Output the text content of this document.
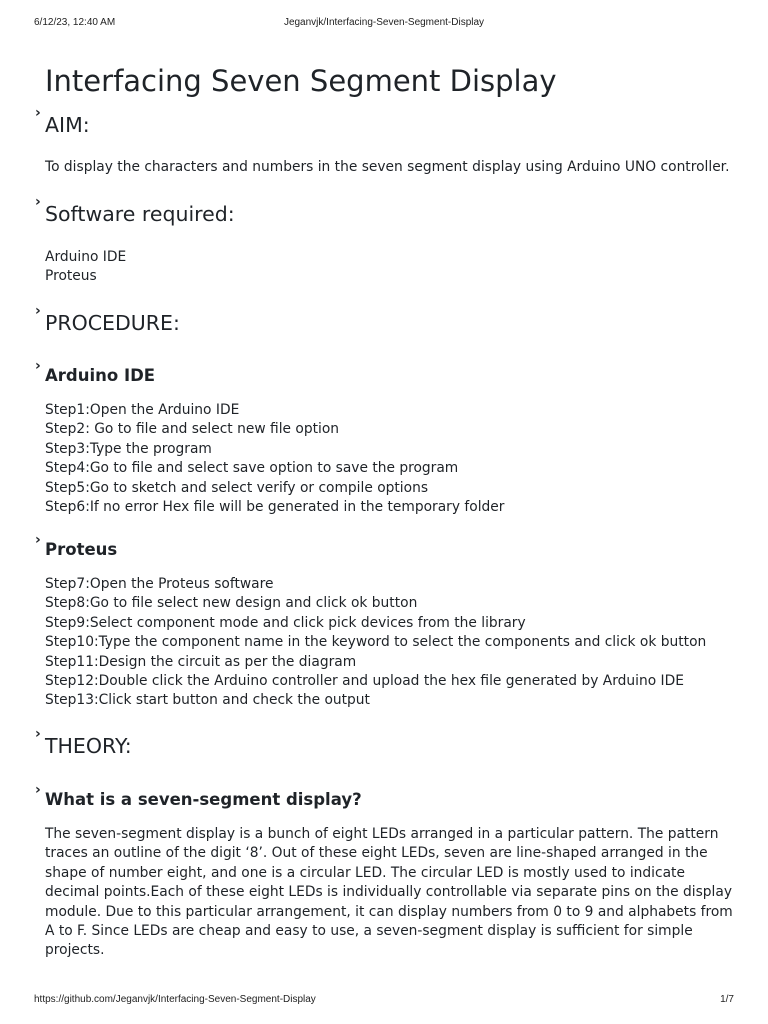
6/12/23, 12:40 AM	Jeganvjk/Interfacing-Seven-Segment-Display
Interfacing Seven Segment Display
› AIM:
To display the characters and numbers in the seven segment display using Arduino UNO controller.
› Software required:
Arduino IDE
Proteus
› PROCEDURE:
› Arduino IDE
Step1:Open the Arduino IDE
Step2: Go to file and select new file option
Step3:Type the program
Step4:Go to file and select save option to save the program
Step5:Go to sketch and select verify or compile options
Step6:If no error Hex file will be generated in the temporary folder
› Proteus
Step7:Open the Proteus software
Step8:Go to file select new design and click ok button
Step9:Select component mode and click pick devices from the library
Step10:Type the component name in the keyword to select the components and click ok button
Step11:Design the circuit as per the diagram
Step12:Double click the Arduino controller and upload the hex file generated by Arduino IDE
Step13:Click start button and check the output
› THEORY:
› What is a seven-segment display?
The seven-segment display is a bunch of eight LEDs arranged in a particular pattern. The pattern
traces an outline of the digit ‘8’. Out of these eight LEDs, seven are line-shaped arranged in the
shape of number eight, and one is a circular LED. The circular LED is mostly used to indicate
decimal points.Each of these eight LEDs is individually controllable via separate pins on the display
module. Due to this particular arrangement, it can display numbers from 0 to 9 and alphabets from
A to F. Since LEDs are cheap and easy to use, a seven-segment display is sufficient for simple
projects.
https://github.com/Jeganvjk/Interfacing-Seven-Segment-Display	1/7
